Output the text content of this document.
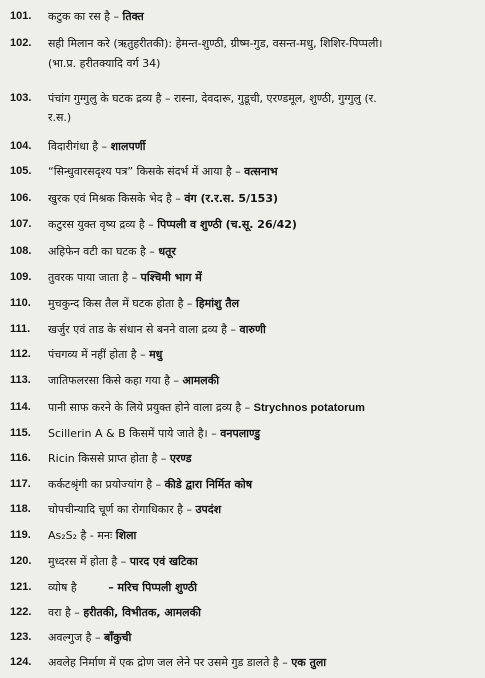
101.	कटुक का रस है – तिक्त
102.	सही मिलान करे (ऋतुहरीतकी): हेमन्त-शुण्ठी, ग्रीष्म-गुड, वसन्त-मधु, शिशिर-पिप्पली।
(भा.प्र. हरीतक्यादि वर्ग 34)
103.	पंचांग गुग्गुलु के घटक द्रव्य है – रास्ना, देवदारू, गुडूची, एरण्डमूल, शुण्ठी, गुग्गुलु (र.
र.स.)
104.	विदारीगंधा है – शालपर्णी
105.	“सिन्धुवारसदृश्य पत्र” किसके संदर्भ में आया है – वत्सनाभ
106.	खुरक एवं मिश्रक किसके भेद है – वंग (र.र.स. 5/153)
107.	कटुरस युक्त वृष्य द्रव्य है – पिप्पली व शुण्ठी (च.सू. 26/42)
108.	अहिफेन वटी का घटक है – धतूर
109.	तुवरक पाया जाता है – पश्चिमी भाग में
110.	मुचकुन्द किस तैल में घटक होता है – हिमांशु तैल
111.	खर्जुर एवं ताड के संधान से बनने वाला द्रव्य है – वारुणी
112.	पंचगव्य में नहीं होता है – मधु
113.	जातिफलरसा किसे कहा गया है – आमलकी
114.	पानी साफ करने के लिये प्रयुक्त होने वाला द्रव्य है – Strychnos potatorum
115.	Scillerin A & B किसमें पाये जाते है। – वनपलाण्डु
116.	Ricin किससे प्राप्त होता है – एरण्ड
117.	कर्कटश्रृंगी का प्रयोज्यांग है – कीडे द्वारा निर्मित कोष
118.	चोपचीन्यादि चूर्ण का रोगाधिकार है – उपदंश
119.	As₂S₂ है - मनः शिला
120.	मुध्दरस में होता है – पारद एवं खटिका
121.	व्योष है	– मरिच पिप्पली शुण्ठी
122.	वरा है – हरीतकी, विभीतक, आमलकी
123.	अवल्गुज है – बाँकुची
124.	अवलेह निर्माण में एक द्रोण जल लेने पर उसमे गुड डालते है – एक तुला
